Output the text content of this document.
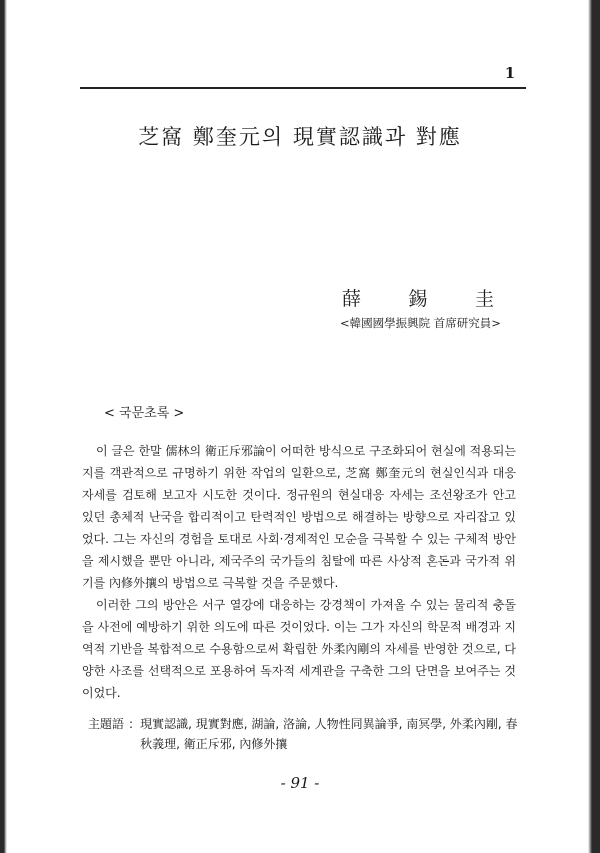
1
芝窩 鄭奎元의 現實認識과 對應
薛 錫 圭
<韓國國學振興院 首席研究員>
< 국문초록 >

이 글은 한말 儒林의 衛正斥邪論이 어떠한 방식으로 구조화되어 현실에 적용되는지를 객관적으로 규명하기 위한 작업의 일환으로, 芝窩 鄭奎元의 현실인식과 대응자세를 검토해 보고자 시도한 것이다. 정규원의 현실대응 자세는 조선왕조가 안고 있던 총체적 난국을 합리적이고 탄력적인 방법으로 해결하는 방향으로 자리잡고 있었다. 그는 자신의 경험을 토대로 사회·경제적인 모순을 극복할 수 있는 구체적 방안을 제시했을 뿐만 아니라, 제국주의 국가들의 침탈에 따른 사상적 혼돈과 국가적 위기를 內修外攘의 방법으로 극복할 것을 주문했다.

이러한 그의 방안은 서구 열강에 대응하는 강경책이 가져올 수 있는 물리적 충돌을 사전에 예방하기 위한 의도에 따른 것이었다. 이는 그가 자신의 학문적 배경과 지역적 기반을 복합적으로 수용함으로써 확립한 外柔內剛의 자세를 반영한 것으로, 다양한 사조를 선택적으로 포용하여 독자적 세계관을 구축한 그의 단면을 보여주는 것이었다.

主題語 : 現實認識, 現實對應, 湖論, 洛論, 人物性同異論爭, 南冥學, 外柔內剛, 春秋義理, 衛正斥邪, 內修外攘
- 91 -
